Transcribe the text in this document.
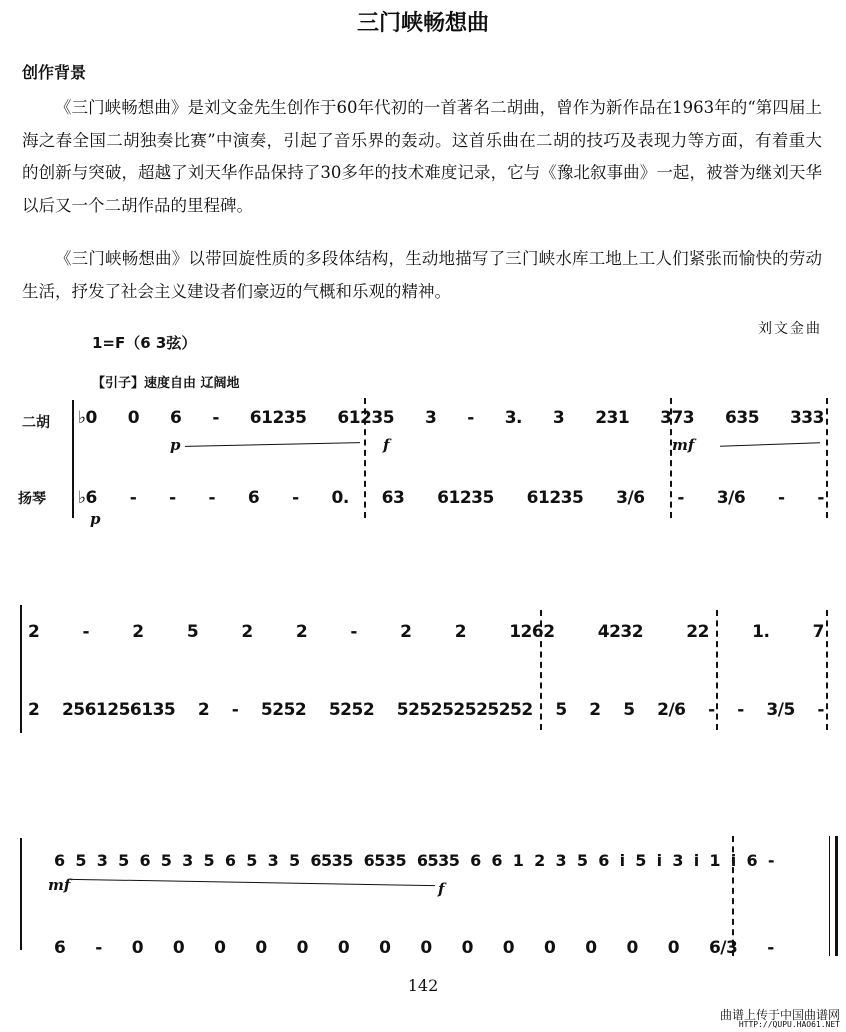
三门峡畅想曲
创作背景
《三门峡畅想曲》是刘文金先生创作于60年代初的一首著名二胡曲，曾作为新作品在1963年的“第四届上海之春全国二胡独奏比赛”中演奏，引起了音乐界的轰动。这首乐曲在二胡的技巧及表现力等方面，有着重大的创新与突破，超越了刘天华作品保持了30多年的技术难度记录，它与《豫北叙事曲》一起，被誉为继刘天华以后又一个二胡作品的里程碑。
《三门峡畅想曲》以带回旋性质的多段体结构，生动地描写了三门峡水库工地上工人们紧张而愉快的劳动生活，抒发了社会主义建设者们豪迈的气概和乐观的精神。
刘文金曲
1=F（6 3弦）
【引子】速度自由 辽阔地
二胡
扬琴
♭0 0 6 - 61235 61235 3 - 3. 3 231 373 635 333
p	f	mf
♭6 - - - 6 - 0. 63 61235 61235 3/6 - 3/6 - -
p
2	-	2	5	2	2	-	2	2	1262	4232	22	1.	7
2 2561256135 2 - 5252 5252 525252525252 5 2 5 2/6 - - 3/5 -
6 5 3 5 6 5 3 5 6 5 3 5 6535 6535 6535 6 6 1 2 3 5 6 i 5 i 3 i 1 i 6 -
mf	f
6 - 0 0 0 0 0 0 0 0 0 0 0 0 0 0 6/3 -
142
曲谱上传于中国曲谱网
HTTP://QUPU.HAO61.NET
